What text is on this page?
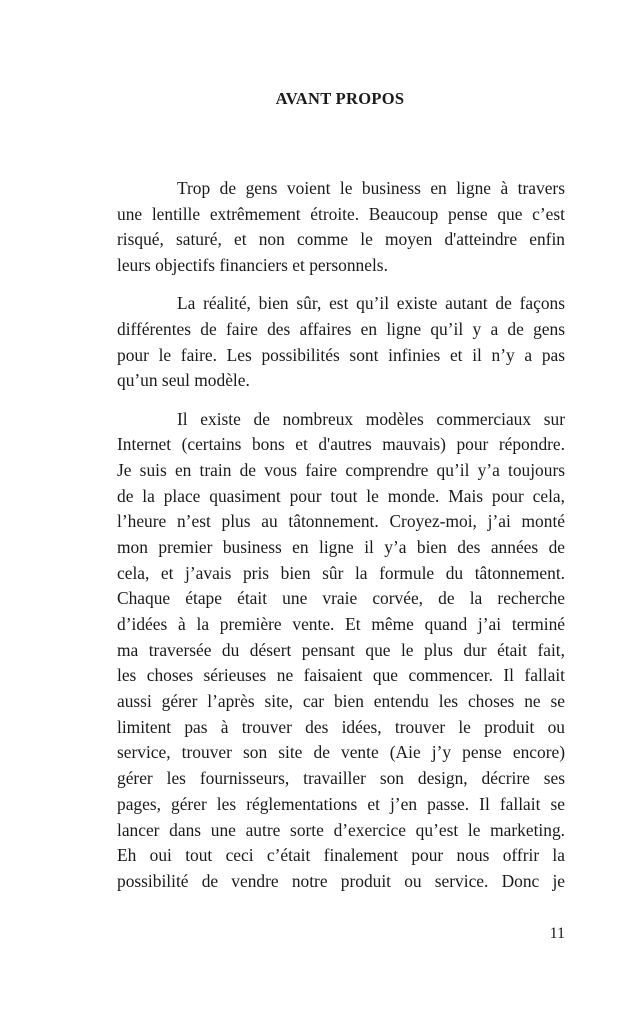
AVANT PROPOS
Trop de gens voient le business en ligne à travers
une lentille extrêmement étroite. Beaucoup pense que c’est
risqué, saturé, et non comme le moyen d'atteindre enfin
leurs objectifs financiers et personnels.
La réalité, bien sûr, est qu’il existe autant de façons
différentes de faire des affaires en ligne qu’il y a de gens
pour le faire. Les possibilités sont infinies et il n’y a pas
qu’un seul modèle.
Il existe de nombreux modèles commerciaux sur
Internet (certains bons et d'autres mauvais) pour répondre.
Je suis en train de vous faire comprendre qu’il y’a toujours
de la place quasiment pour tout le monde. Mais pour cela,
l’heure n’est plus au tâtonnement. Croyez-moi, j’ai monté
mon premier business en ligne il y’a bien des années de
cela, et j’avais pris bien sûr la formule du tâtonnement.
Chaque étape était une vraie corvée, de la recherche
d’idées à la première vente. Et même quand j’ai terminé
ma traversée du désert pensant que le plus dur était fait,
les choses sérieuses ne faisaient que commencer. Il fallait
aussi gérer l’après site, car bien entendu les choses ne se
limitent pas à trouver des idées, trouver le produit ou
service, trouver son site de vente (Aie j’y pense encore)
gérer les fournisseurs, travailler son design, décrire ses
pages, gérer les réglementations et j’en passe. Il fallait se
lancer dans une autre sorte d’exercice qu’est le marketing.
Eh oui tout ceci c’était finalement pour nous offrir la
possibilité de vendre notre produit ou service. Donc je
11
